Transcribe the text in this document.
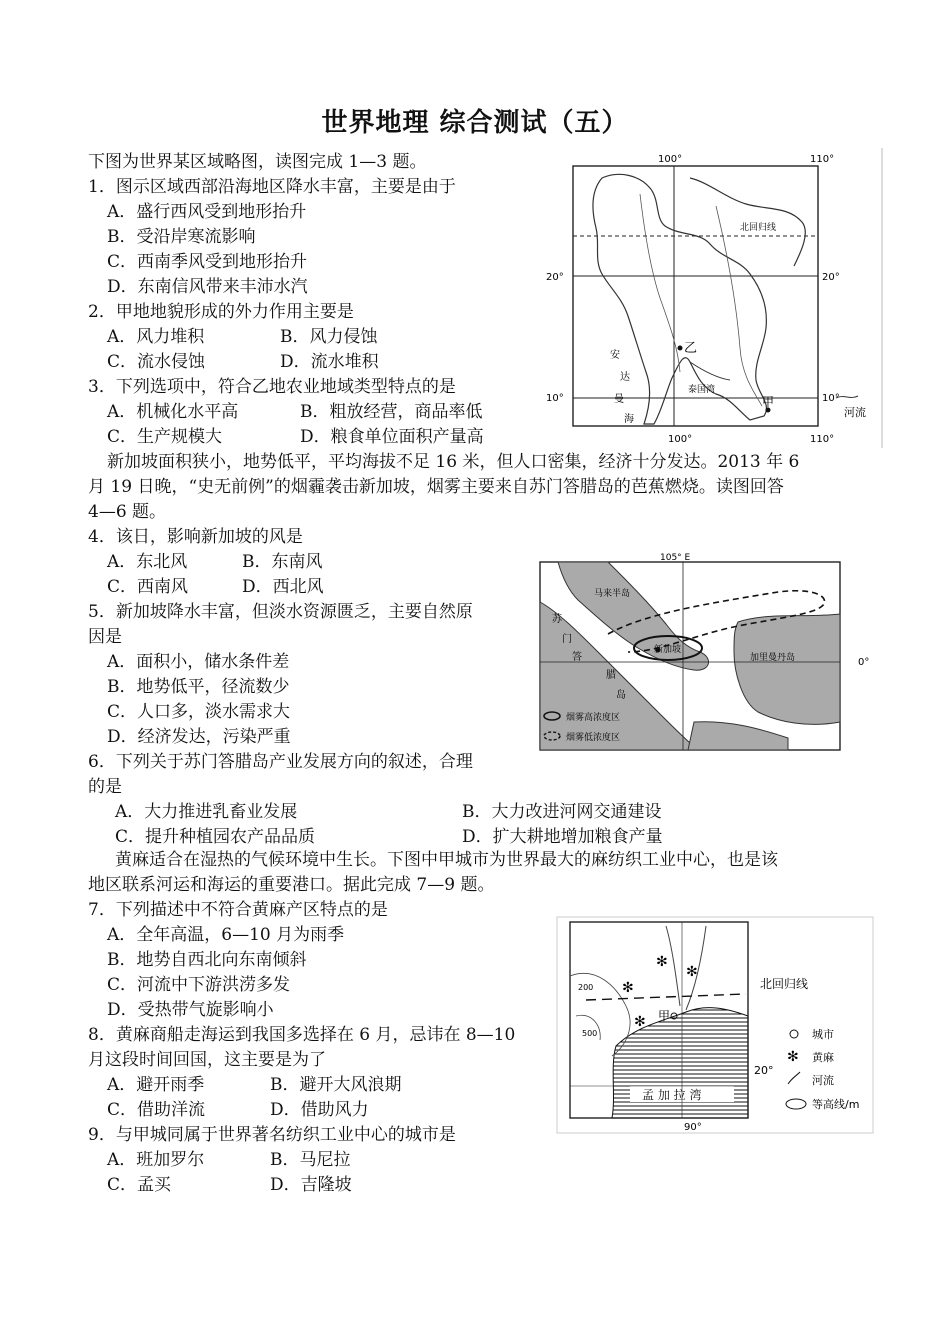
世界地理 综合测试（五）
下图为世界某区域略图，读图完成 1—3 题。
1．图示区域西部沿海地区降水丰富，主要是由于
A．盛行西风受到地形抬升
B．受沿岸寒流影响
C．西南季风受到地形抬升
D．东南信风带来丰沛水汽
2．甲地地貌形成的外力作用主要是
A．风力堆积	B．风力侵蚀
C．流水侵蚀	D．流水堆积
3．下列选项中，符合乙地农业地域类型特点的是
A．机械化水平高	B．粗放经营，商品率低
C．生产规模大	D．粮食单位面积产量高
100°	110°
100°	110°
20°	20°
10°	10°
北回归线
乙
甲
泰国湾
安
达
曼
海
河流
新加坡面积狭小，地势低平，平均海拔不足 16 米，但人口密集，经济十分发达。2013 年 6
月 19 日晚，“史无前例”的烟霾袭击新加坡，烟雾主要来自苏门答腊岛的芭蕉燃烧。读图回答
4—6 题。
4．该日，影响新加坡的风是
A．东北风	B．东南风
C．西南风	D．西北风
5．新加坡降水丰富，但淡水资源匮乏，主要自然原
因是
A．面积小，储水条件差
B．地势低平，径流数少
C．人口多，淡水需求大
D．经济发达，污染严重
6．下列关于苏门答腊岛产业发展方向的叙述，合理
的是
A．大力推进乳畜业发展	B．大力改进河网交通建设
C．提升种植园农产品品质	D．扩大耕地增加粮食产量
105° E
0°
马来半岛
苏
门
答
腊
岛
新加坡
加里曼丹岛
烟雾高浓度区
烟雾低浓度区
黄麻适合在湿热的气候环境中生长。下图中甲城市为世界最大的麻纺织工业中心，也是该
地区联系河运和海运的重要港口。据此完成 7—9 题。
7．下列描述中不符合黄麻产区特点的是
A．全年高温，6—10 月为雨季
B．地势自西北向东南倾斜
C．河流中下游洪涝多发
D．受热带气旋影响小
8．黄麻商船走海运到我国多选择在 6 月，忌讳在 8—10
月这段时间回国，这主要是为了
A．避开雨季	B．避开大风浪期
C．借助洋流	D．借助风力
9．与甲城同属于世界著名纺织工业中心的城市是
A．班加罗尔	B．马尼拉
C．孟买	D．吉隆坡
甲
200
500
孟 加 拉 湾
北回归线
20°
90°
✻
✻
✻
✻
城市
✻ 黄麻
河流
等高线/m
